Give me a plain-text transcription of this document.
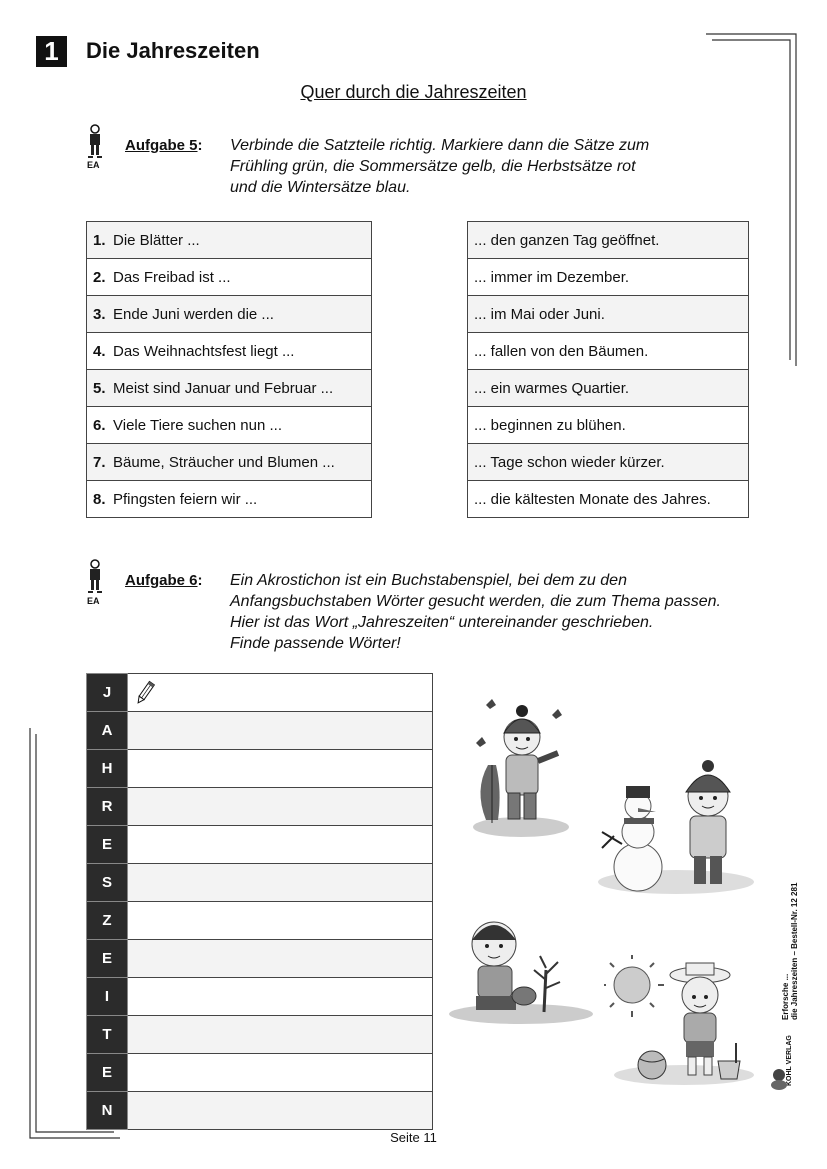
1	Die Jahreszeiten
Quer durch die Jahreszeiten
EA
Aufgabe 5: Verbinde die Satzteile richtig. Markiere dann die Sätze zum
Frühling grün, die Sommersätze gelb, die Herbstsätze rot
und die Wintersätze blau.
1.	Die Blätter ...
2.	Das Freibad ist ...
3.	Ende Juni werden die ...
4.	Das Weihnachtsfest liegt ...
5.	Meist sind Januar und Februar ...
6.	Viele Tiere suchen nun ...
7.	Bäume, Sträucher und Blumen ...
8.	Pfingsten feiern wir ...
... den ganzen Tag geöffnet.
... immer im Dezember.
... im Mai oder Juni.
... fallen von den Bäumen.
... ein warmes Quartier.
... beginnen zu blühen.
... Tage schon wieder kürzer.
... die kältesten Monate des Jahres.
EA
Aufgabe 6: Ein Akrostichon ist ein Buchstabenspiel, bei dem zu den
Anfangsbuchstaben Wörter gesucht werden, die zum Thema passen.
Hier ist das Wort „Jahreszeiten“ untereinander geschrieben.
Finde passende Wörter!
J	
A	
H	
R	
E	
S	
Z	
E	
I	
T	
E	
N	
Erforsche ... die Jahreszeiten – Bestell-Nr. 12 281
KOHL VERLAG
Seite 11
